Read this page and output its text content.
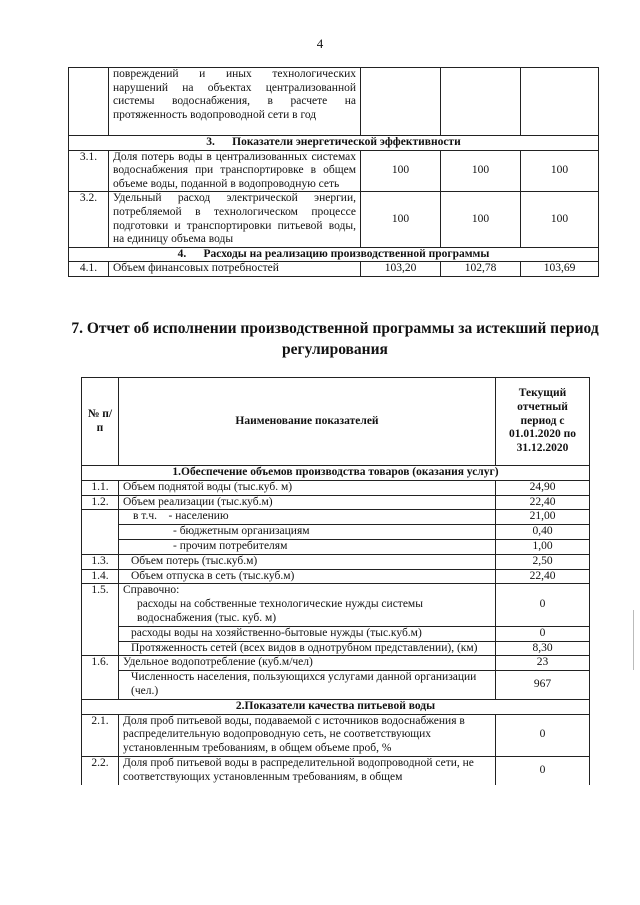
4
	повреждений и иных технологических нарушений на объектах централизованной системы водоснабжения, в расчете на протяженность водопроводной сети в год			
3. Показатели энергетической эффективности				
3.1.	Доля потерь воды в централизованных системах водоснабжения при транспортировке в общем объеме воды, поданной в водопроводную сеть	100	100	100
3.2.	Удельный расход электрической энергии, потребляемой в технологическом процессе подготовки и транспортировки питьевой воды, на единицу объема воды	100	100	100
4. Расходы на реализацию производственной программы				
4.1.	Объем финансовых потребностей	103,20	102,78	103,69
7. Отчет об исполнении производственной программы за истекший период регулирования
№ п/п	Наименование показателей	Текущий отчетный период с 01.01.2020 по 31.12.2020
1.Обеспечение объемов производства товаров (оказания услуг)		
1.1.	Объем поднятой воды (тыс.куб. м)	24,90
1.2.	Объем реализации (тыс.куб.м)	22,40
	в т.ч.    - населению	21,00
	- бюджетным организациям	0,40
	- прочим потребителям	1,00
1.3.	Объем потерь (тыс.куб.м)	2,50
1.4.	Объем отпуска в сеть (тыс.куб.м)	22,40
1.5.	Справочно:
расходы на собственные технологические нужды системы водоснабжения (тыс. куб. м)	0
	расходы воды на хозяйственно-бытовые нужды (тыс.куб.м)	0
	Протяженность сетей (всех видов в однотрубном представлении), (км)	8,30
1.6.	Удельное водопотребление (куб.м/чел)	23
	Численность населения, пользующихся услугами данной организации (чел.)	967
2.Показатели качества питьевой воды		
2.1.	Доля проб питьевой воды, подаваемой с источников водоснабжения в распределительную водопроводную сеть, не соответствующих установленным требованиям, в общем объеме проб, %	0
2.2.	Доля проб питьевой воды в распределительной водопроводной сети, не соответствующих установленным требованиям, в общем	0
